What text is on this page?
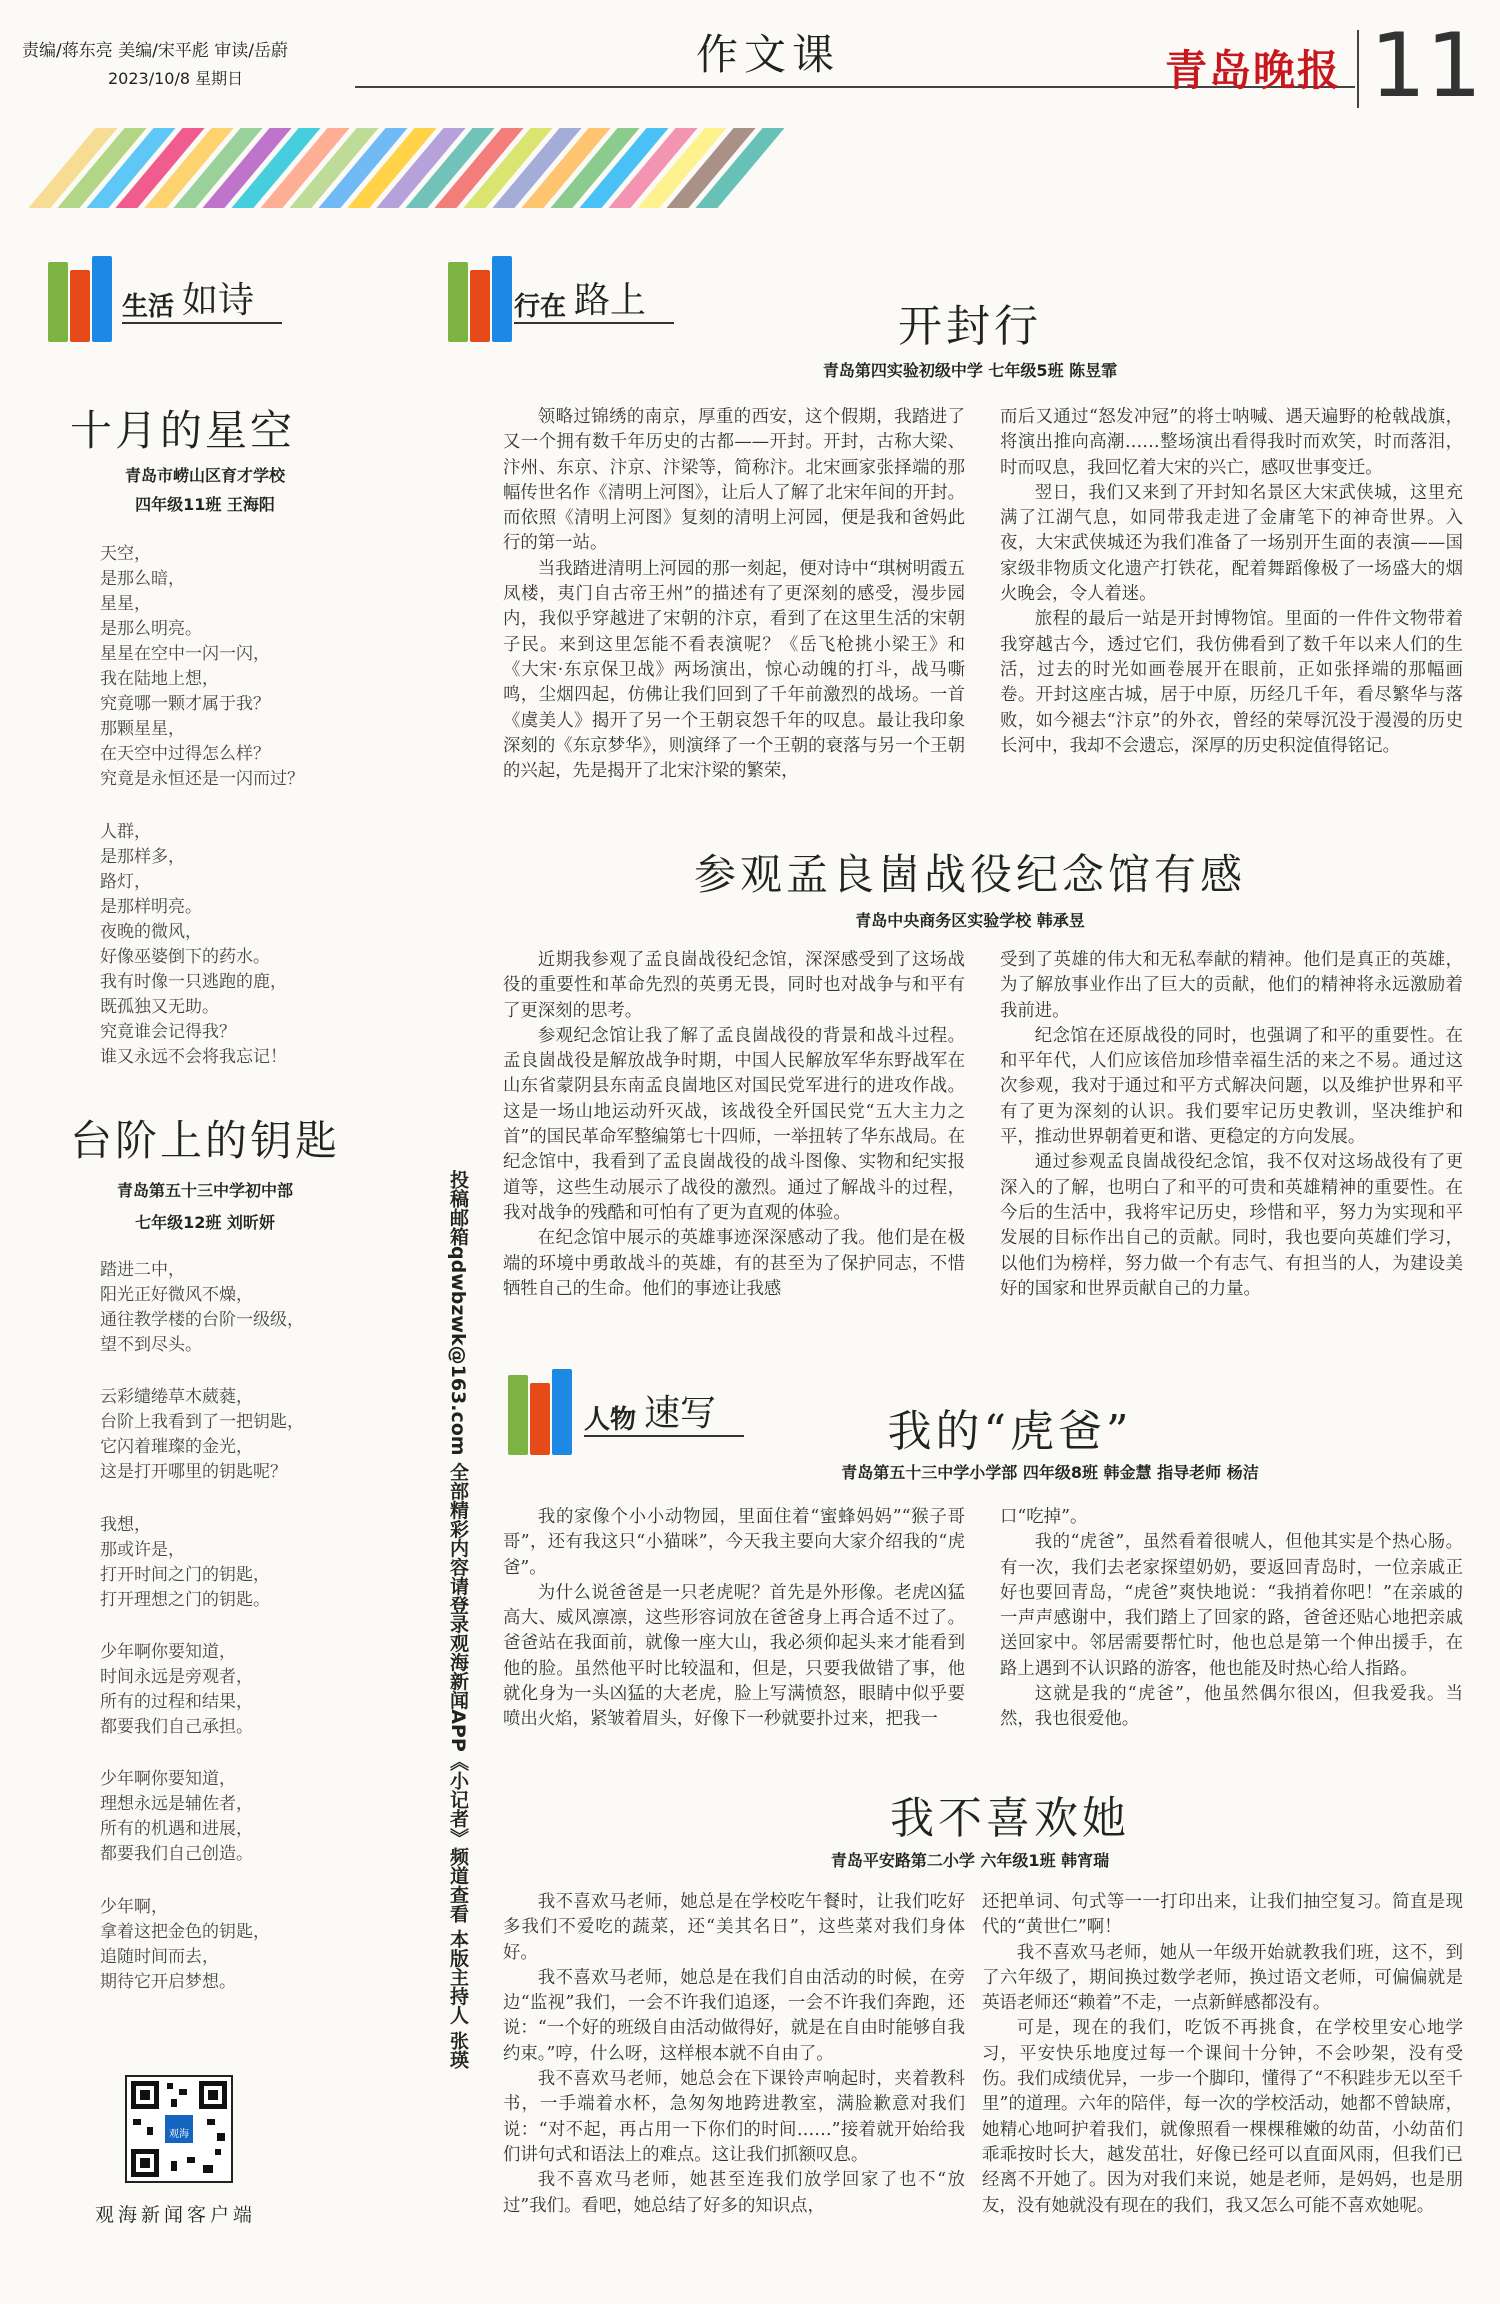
责编/蒋东亮 美编/宋平彪 审读/岳蔚
2023/10/8 星期日	作文课	青岛晚报 11
生活 如诗
十月的星空
青岛市崂山区育才学校
四年级11班 王海阳
天空，
是那么暗，
星星，
是那么明亮。
星星在空中一闪一闪，
我在陆地上想，
究竟哪一颗才属于我？
那颗星星，
在天空中过得怎么样？
究竟是永恒还是一闪而过？
人群，
是那样多，
路灯，
是那样明亮。
夜晚的微风，
好像巫婆倒下的药水。
我有时像一只逃跑的鹿，
既孤独又无助。
究竟谁会记得我？
谁又永远不会将我忘记！
台阶上的钥匙
青岛第五十三中学初中部
七年级12班 刘昕妍
踏进二中，
阳光正好微风不燥，
通往教学楼的台阶一级级，
望不到尽头。
云彩缱绻草木葳蕤，
台阶上我看到了一把钥匙，
它闪着璀璨的金光，
这是打开哪里的钥匙呢？
我想，
那或许是，
打开时间之门的钥匙，
打开理想之门的钥匙。
少年啊你要知道，
时间永远是旁观者，
所有的过程和结果，
都要我们自己承担。
少年啊你要知道，
理想永远是辅佐者，
所有的机遇和进展，
都要我们自己创造。
少年啊，
拿着这把金色的钥匙，
追随时间而去，
期待它开启梦想。
观海
观海新闻客户端
投稿邮箱qdwbzwk@163.com 全部精彩内容请登录观海新闻APP《小记者》频道查看 本版主持人 张瑛
行在 路上
开封行
青岛第四实验初级中学 七年级5班 陈昱霏

领略过锦绣的南京，厚重的西安，这个假期，我踏进了又一个拥有数千年历史的古都——开封。开封，古称大梁、汴州、东京、汴京、汴梁等，简称汴。北宋画家张择端的那幅传世名作《清明上河图》，让后人了解了北宋年间的开封。而依照《清明上河图》复刻的清明上河园，便是我和爸妈此行的第一站。

当我踏进清明上河园的那一刻起，便对诗中“琪树明霞五凤楼，夷门自古帝王州”的描述有了更深刻的感受，漫步园内，我似乎穿越进了宋朝的汴京，看到了在这里生活的宋朝子民。来到这里怎能不看表演呢？《岳飞枪挑小梁王》和《大宋·东京保卫战》两场演出，惊心动魄的打斗，战马嘶鸣，尘烟四起，仿佛让我们回到了千年前激烈的战场。一首《虞美人》揭开了另一个王朝哀怨千年的叹息。最让我印象深刻的《东京梦华》，则演绎了一个王朝的衰落与另一个王朝的兴起，先是揭开了北宋汴梁的繁荣，

而后又通过“怒发冲冠”的将士呐喊、遇天遍野的枪戟战旗，将演出推向高潮……整场演出看得我时而欢笑，时而落泪，时而叹息，我回忆着大宋的兴亡，感叹世事变迁。

翌日，我们又来到了开封知名景区大宋武侠城，这里充满了江湖气息，如同带我走进了金庸笔下的神奇世界。入夜，大宋武侠城还为我们准备了一场别开生面的表演——国家级非物质文化遗产打铁花，配着舞蹈像极了一场盛大的烟火晚会，令人着迷。

旅程的最后一站是开封博物馆。里面的一件件文物带着我穿越古今，透过它们，我仿佛看到了数千年以来人们的生活，过去的时光如画卷展开在眼前，正如张择端的那幅画卷。开封这座古城，居于中原，历经几千年，看尽繁华与落败，如今褪去“汴京”的外衣，曾经的荣辱沉没于漫漫的历史长河中，我却不会遗忘，深厚的历史积淀值得铭记。

参观孟良崮战役纪念馆有感
青岛中央商务区实验学校 韩承昱

近期我参观了孟良崮战役纪念馆，深深感受到了这场战役的重要性和革命先烈的英勇无畏，同时也对战争与和平有了更深刻的思考。

参观纪念馆让我了解了孟良崮战役的背景和战斗过程。孟良崮战役是解放战争时期，中国人民解放军华东野战军在山东省蒙阴县东南孟良崮地区对国民党军进行的进攻作战。这是一场山地运动歼灭战，该战役全歼国民党“五大主力之首”的国民革命军整编第七十四师，一举扭转了华东战局。在纪念馆中，我看到了孟良崮战役的战斗图像、实物和纪实报道等，这些生动展示了战役的激烈。通过了解战斗的过程，我对战争的残酷和可怕有了更为直观的体验。

在纪念馆中展示的英雄事迹深深感动了我。他们是在极端的环境中勇敢战斗的英雄，有的甚至为了保护同志，不惜牺牲自己的生命。他们的事迹让我感

受到了英雄的伟大和无私奉献的精神。他们是真正的英雄，为了解放事业作出了巨大的贡献，他们的精神将永远激励着我前进。

纪念馆在还原战役的同时，也强调了和平的重要性。在和平年代，人们应该倍加珍惜幸福生活的来之不易。通过这次参观，我对于通过和平方式解决问题，以及维护世界和平有了更为深刻的认识。我们要牢记历史教训，坚决维护和平，推动世界朝着更和谐、更稳定的方向发展。

通过参观孟良崮战役纪念馆，我不仅对这场战役有了更深入的了解，也明白了和平的可贵和英雄精神的重要性。在今后的生活中，我将牢记历史，珍惜和平，努力为实现和平发展的目标作出自己的贡献。同时，我也要向英雄们学习，以他们为榜样，努力做一个有志气、有担当的人，为建设美好的国家和世界贡献自己的力量。

人物 速写	我的“虎爸”
青岛第五十三中学小学部 四年级8班 韩金慧 指导老师 杨洁

我的家像个小小动物园，里面住着“蜜蜂妈妈”“猴子哥哥”，还有我这只“小猫咪”，今天我主要向大家介绍我的“虎爸”。

为什么说爸爸是一只老虎呢？首先是外形像。老虎凶猛高大、威风凛凛，这些形容词放在爸爸身上再合适不过了。爸爸站在我面前，就像一座大山，我必须仰起头来才能看到他的脸。虽然他平时比较温和，但是，只要我做错了事，他就化身为一头凶猛的大老虎，脸上写满愤怒，眼睛中似乎要喷出火焰，紧皱着眉头，好像下一秒就要扑过来，把我一

口“吃掉”。

我的“虎爸”，虽然看着很唬人，但他其实是个热心肠。有一次，我们去老家探望奶奶，要返回青岛时，一位亲戚正好也要回青岛，“虎爸”爽快地说：“我捎着你吧！”在亲戚的一声声感谢中，我们踏上了回家的路，爸爸还贴心地把亲戚送回家中。邻居需要帮忙时，他也总是第一个伸出援手，在路上遇到不认识路的游客，他也能及时热心给人指路。

这就是我的“虎爸”，他虽然偶尔很凶，但我爱我。当然，我也很爱他。

我不喜欢她
青岛平安路第二小学 六年级1班 韩宵瑞

我不喜欢马老师，她总是在学校吃午餐时，让我们吃好多我们不爱吃的蔬菜，还“美其名日”，这些菜对我们身体好。

我不喜欢马老师，她总是在我们自由活动的时候，在旁边“监视”我们，一会不许我们追逐，一会不许我们奔跑，还说：“一个好的班级自由活动做得好，就是在自由时能够自我约束。”哼，什么呀，这样根本就不自由了。

我不喜欢马老师，她总会在下课铃声响起时，夹着教科书，一手端着水杯，急匆匆地跨进教室，满脸歉意对我们说：“对不起，再占用一下你们的时间……”接着就开始给我们讲句式和语法上的难点。这让我们抓额叹息。

我不喜欢马老师，她甚至连我们放学回家了也不“放过”我们。看吧，她总结了好多的知识点，

还把单词、句式等一一打印出来，让我们抽空复习。简直是现代的“黄世仁”啊！

我不喜欢马老师，她从一年级开始就教我们班，这不，到了六年级了，期间换过数学老师，换过语文老师，可偏偏就是英语老师还“赖着”不走，一点新鲜感都没有。

可是，现在的我们，吃饭不再挑食，在学校里安心地学习，平安快乐地度过每一个课间十分钟，不会吵架，没有受伤。我们成绩优异，一步一个脚印，懂得了“不积跬步无以至千里”的道理。六年的陪伴，每一次的学校活动，她都不曾缺席，她精心地呵护着我们，就像照看一棵棵稚嫩的幼苗，小幼苗们乖乖按时长大，越发茁壮，好像已经可以直面风雨，但我们已经离不开她了。因为对我们来说，她是老师，是妈妈，也是朋友，没有她就没有现在的我们，我又怎么可能不喜欢她呢。
